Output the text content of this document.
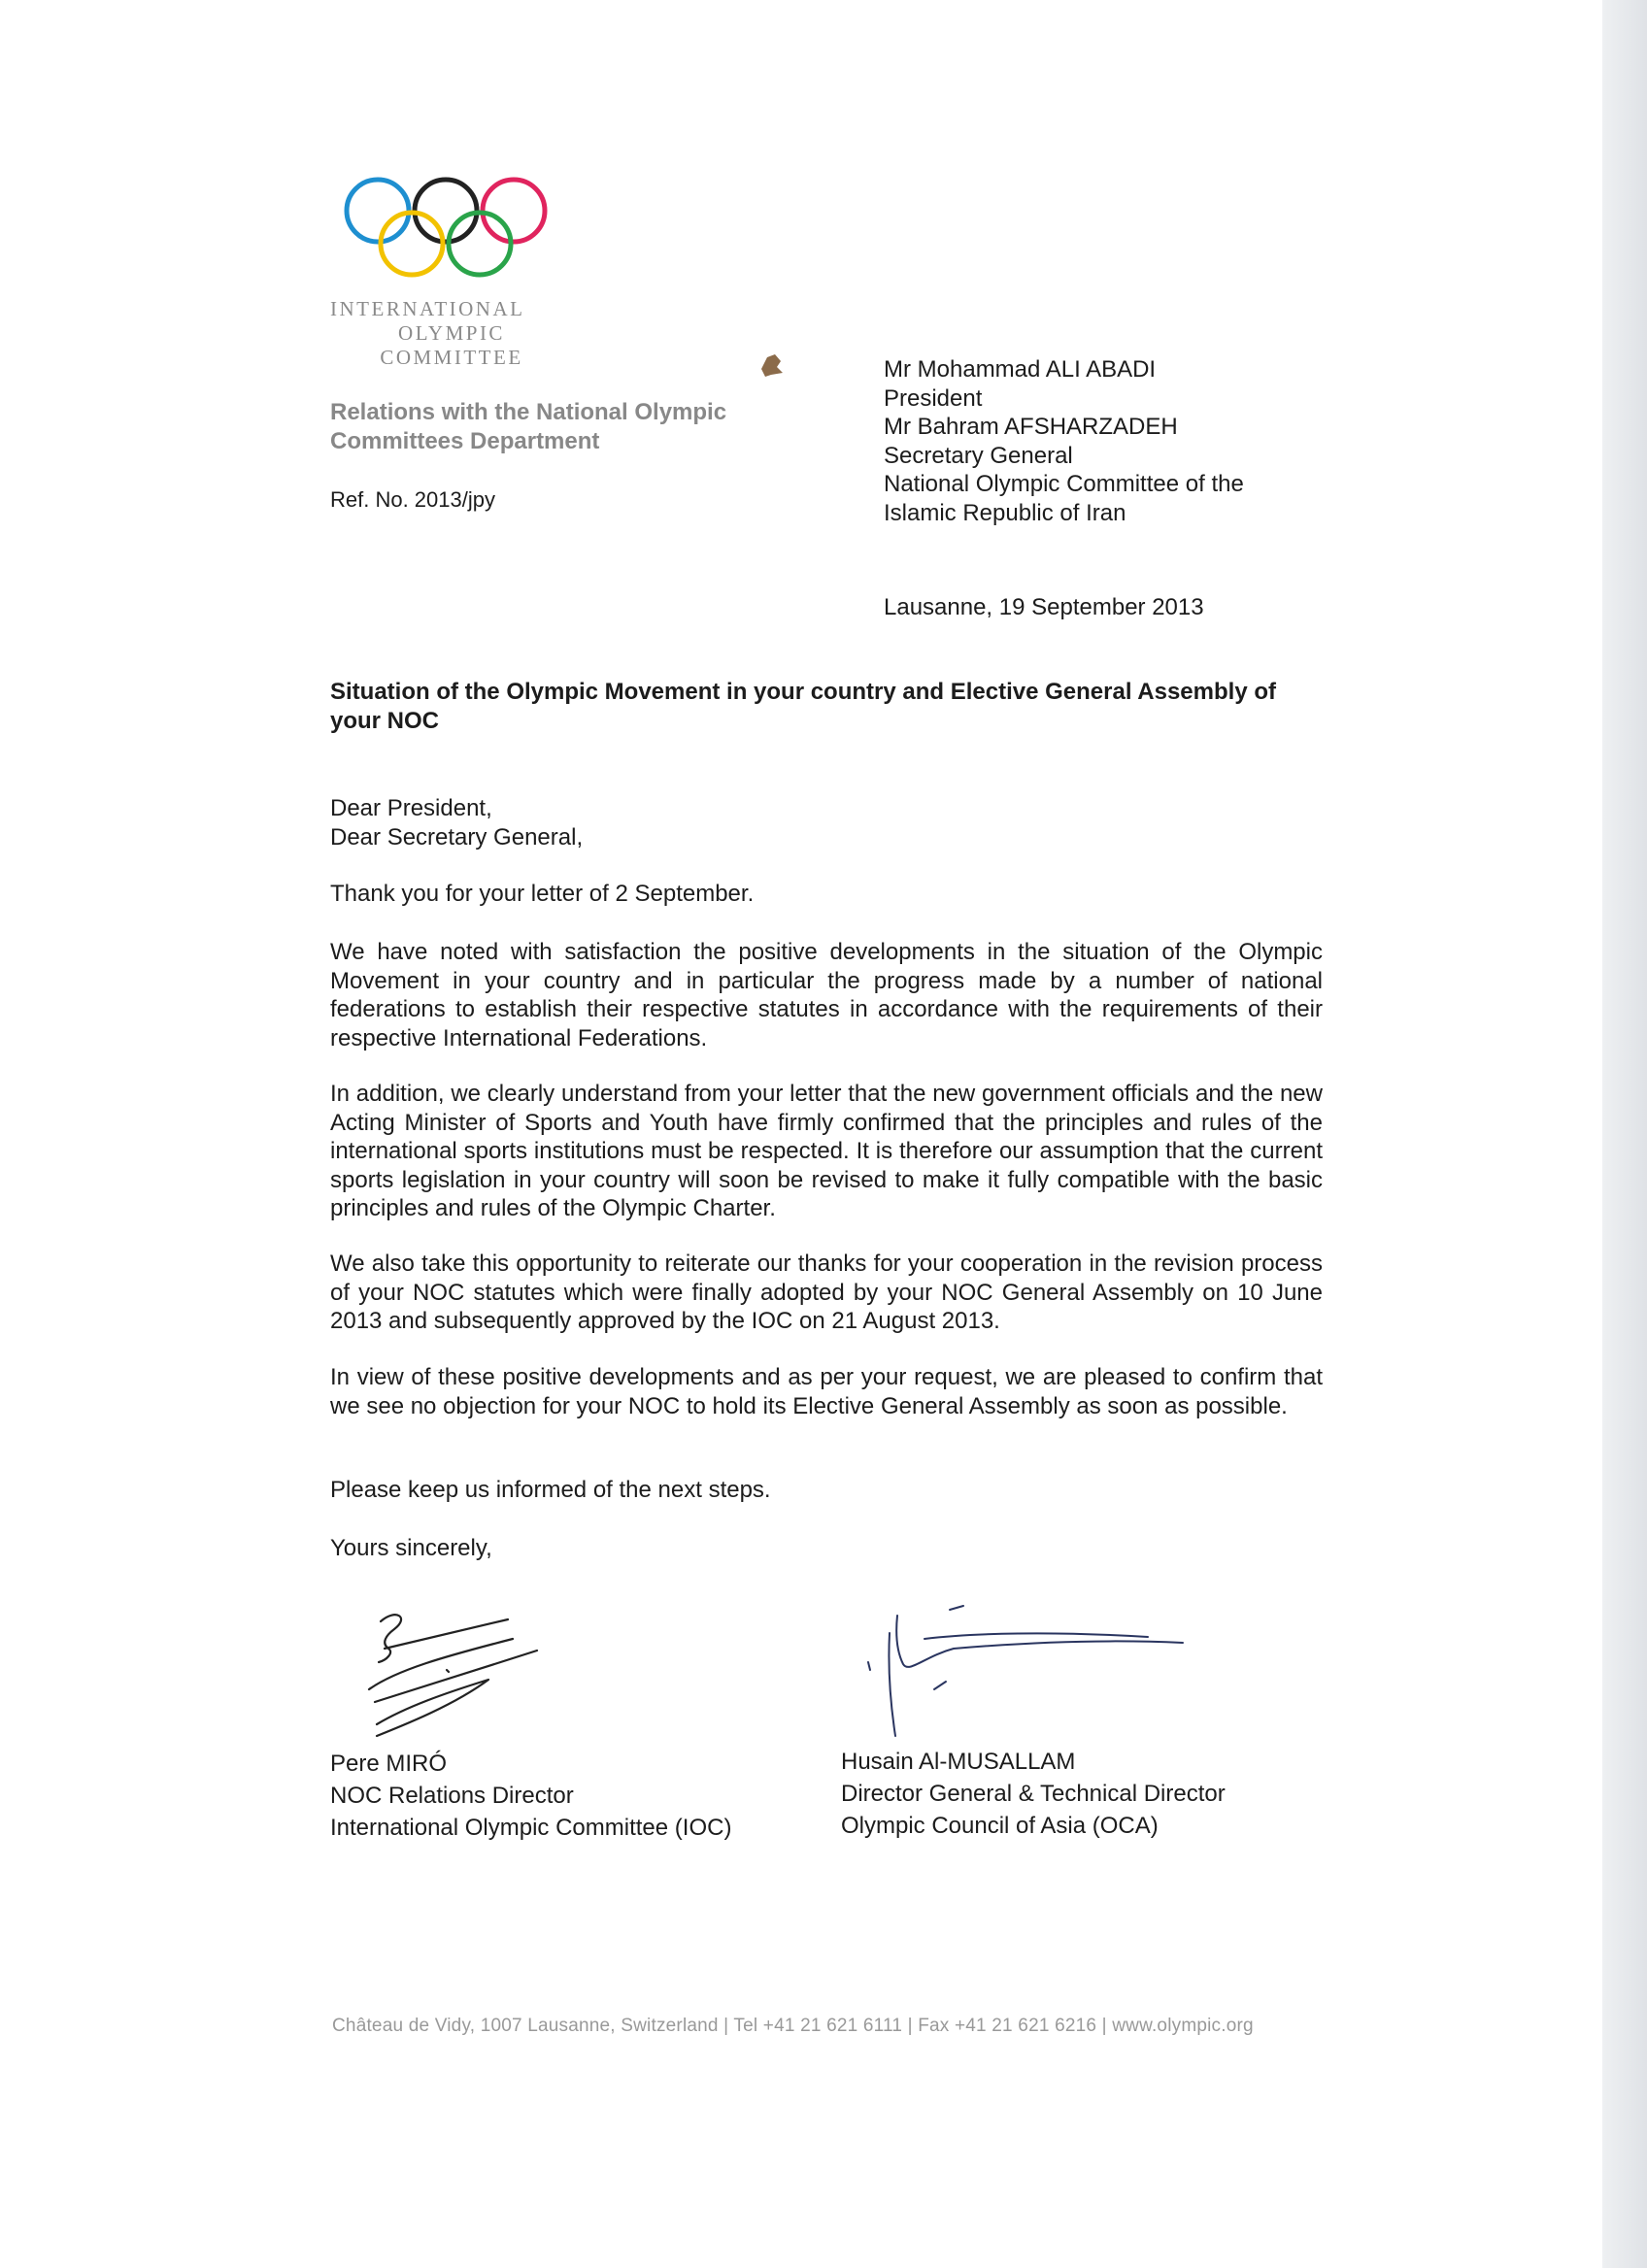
INTERNATIONAL
OLYMPIC
COMMITTEE
Relations with the National Olympic
Committees Department
Ref. No. 2013/jpy
Mr Mohammad ALI ABADI
President
Mr Bahram AFSHARZADEH
Secretary General
National Olympic Committee of the
Islamic Republic of Iran
Lausanne, 19 September 2013
Situation of the Olympic Movement in your country and Elective General Assembly of your NOC
Dear President,
Dear Secretary General,
Thank you for your letter of 2 September.
We have noted with satisfaction the positive developments in the situation of the Olympic Movement in your country and in particular the progress made by a number of national federations to establish their respective statutes in accordance with the requirements of their respective International Federations.
In addition, we clearly understand from your letter that the new government officials and the new Acting Minister of Sports and Youth have firmly confirmed that the principles and rules of the international sports institutions must be respected. It is therefore our assumption that the current sports legislation in your country will soon be revised to make it fully compatible with the basic principles and rules of the Olympic Charter.
We also take this opportunity to reiterate our thanks for your cooperation in the revision process of your NOC statutes which were finally adopted by your NOC General Assembly on 10 June 2013 and subsequently approved by the IOC on 21 August 2013.
In view of these positive developments and as per your request, we are pleased to confirm that we see no objection for your NOC to hold its Elective General Assembly as soon as possible.
Please keep us informed of the next steps.
Yours sincerely,
Pere MIRÓ
NOC Relations Director
International Olympic Committee (IOC)
Husain Al-MUSALLAM
Director General & Technical Director
Olympic Council of Asia (OCA)
Château de Vidy, 1007 Lausanne, Switzerland | Tel +41 21 621 6111 | Fax +41 21 621 6216 | www.olympic.org
